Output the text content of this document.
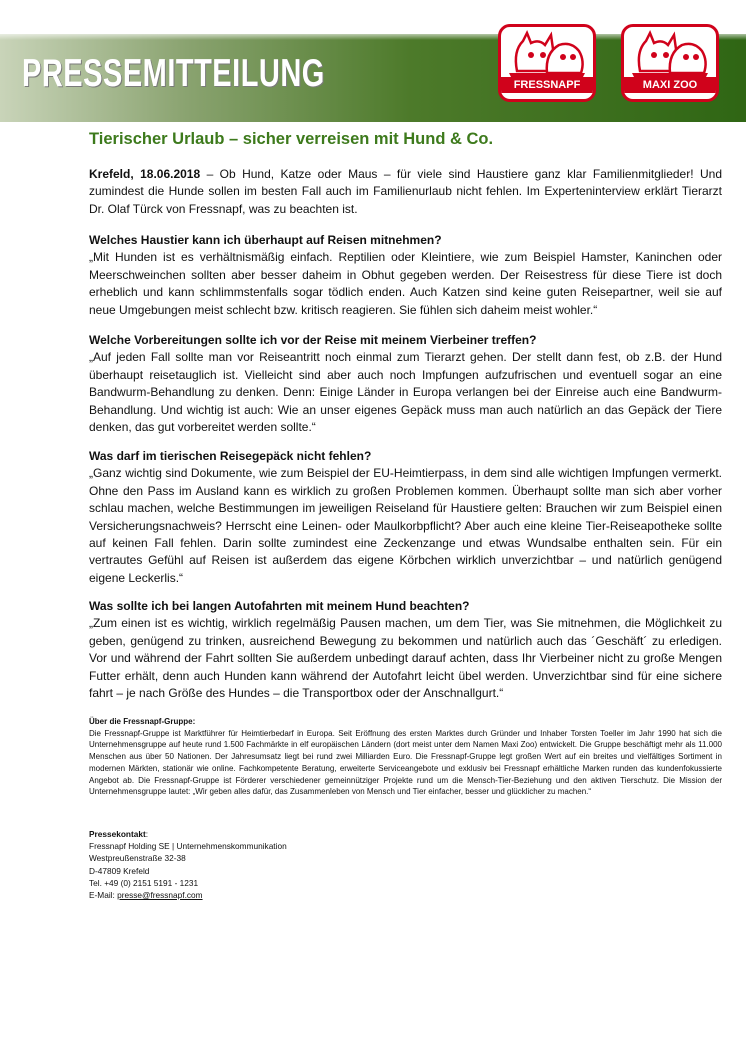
PRESSEMITTEILUNG	FRESSNAPF	MAXI ZOO
Tierischer Urlaub – sicher verreisen mit Hund & Co.

Krefeld, 18.06.2018 – Ob Hund, Katze oder Maus – für viele sind Haustiere ganz klar Familienmitglieder! Und zumindest die Hunde sollen im besten Fall auch im Familienurlaub nicht fehlen. Im Experteninterview erklärt Tierarzt Dr. Olaf Türck von Fressnapf, was zu beachten ist.

Welches Haustier kann ich überhaupt auf Reisen mitnehmen?

„Mit Hunden ist es verhältnismäßig einfach. Reptilien oder Kleintiere, wie zum Beispiel Hamster, Kaninchen oder Meerschweinchen sollten aber besser daheim in Obhut gegeben werden. Der Reisestress für diese Tiere ist doch erheblich und kann schlimmstenfalls sogar tödlich enden. Auch Katzen sind keine guten Reisepartner, weil sie auf neue Umgebungen meist schlecht bzw. kritisch reagieren. Sie fühlen sich daheim meist wohler.“

Welche Vorbereitungen sollte ich vor der Reise mit meinem Vierbeiner treffen?

„Auf jeden Fall sollte man vor Reiseantritt noch einmal zum Tierarzt gehen. Der stellt dann fest, ob z.B. der Hund überhaupt reisetauglich ist. Vielleicht sind aber auch noch Impfungen aufzufrischen und eventuell sogar an eine Bandwurm-Behandlung zu denken. Denn: Einige Länder in Europa verlangen bei der Einreise auch eine Bandwurm-Behandlung. Und wichtig ist auch: Wie an unser eigenes Gepäck muss man auch natürlich an das Gepäck der Tiere denken, das gut vorbereitet werden sollte.“

Was darf im tierischen Reisegepäck nicht fehlen?

„Ganz wichtig sind Dokumente, wie zum Beispiel der EU-Heimtierpass, in dem sind alle wichtigen Impfungen vermerkt. Ohne den Pass im Ausland kann es wirklich zu großen Problemen kommen. Überhaupt sollte man sich aber vorher schlau machen, welche Bestimmungen im jeweiligen Reiseland für Haustiere gelten: Brauchen wir zum Beispiel einen Versicherungsnachweis? Herrscht eine Leinen- oder Maulkorbpflicht? Aber auch eine kleine Tier-Reiseapotheke sollte auf keinen Fall fehlen. Darin sollte zumindest eine Zeckenzange und etwas Wundsalbe enthalten sein. Für ein vertrautes Gefühl auf Reisen ist außerdem das eigene Körbchen wirklich unverzichtbar – und natürlich genügend eigene Leckerlis.“

Was sollte ich bei langen Autofahrten mit meinem Hund beachten?

„Zum einen ist es wichtig, wirklich regelmäßig Pausen machen, um dem Tier, was Sie mitnehmen, die Möglichkeit zu geben, genügend zu trinken, ausreichend Bewegung zu bekommen und natürlich auch das ´Geschäft´ zu erledigen. Vor und während der Fahrt sollten Sie außerdem unbedingt darauf achten, dass Ihr Vierbeiner nicht zu große Mengen Futter erhält, denn auch Hunden kann während der Autofahrt leicht übel werden. Unverzichtbar sind für eine sichere fahrt – je nach Größe des Hundes – die Transportbox oder der Anschnallgurt.“

Über die Fressnapf-Gruppe:

Die Fressnapf-Gruppe ist Marktführer für Heimtierbedarf in Europa. Seit Eröffnung des ersten Marktes durch Gründer und Inhaber Torsten Toeller im Jahr 1990 hat sich die Unternehmensgruppe auf heute rund 1.500 Fachmärkte in elf europäischen Ländern (dort meist unter dem Namen Maxi Zoo) entwickelt. Die Gruppe beschäftigt mehr als 11.000 Menschen aus über 50 Nationen. Der Jahresumsatz liegt bei rund zwei Milliarden Euro. Die Fressnapf-Gruppe legt großen Wert auf ein breites und vielfältiges Sortiment in modernen Märkten, stationär wie online. Fachkompetente Beratung, erweiterte Serviceangebote und exklusiv bei Fressnapf erhältliche Marken runden das kundenfokussierte Angebot ab. Die Fressnapf-Gruppe ist Förderer verschiedener gemeinnütziger Projekte rund um die Mensch-Tier-Beziehung und den aktiven Tierschutz. Die Mission der Unternehmensgruppe lautet: „Wir geben alles dafür, das Zusammenleben von Mensch und Tier einfacher, besser und glücklicher zu machen.“

Pressekontakt:
Fressnapf Holding SE | Unternehmenskommunikation
Westpreußenstraße 32-38
D-47809 Krefeld
Tel. +49 (0) 2151 5191 - 1231
E-Mail: presse@fressnapf.com
